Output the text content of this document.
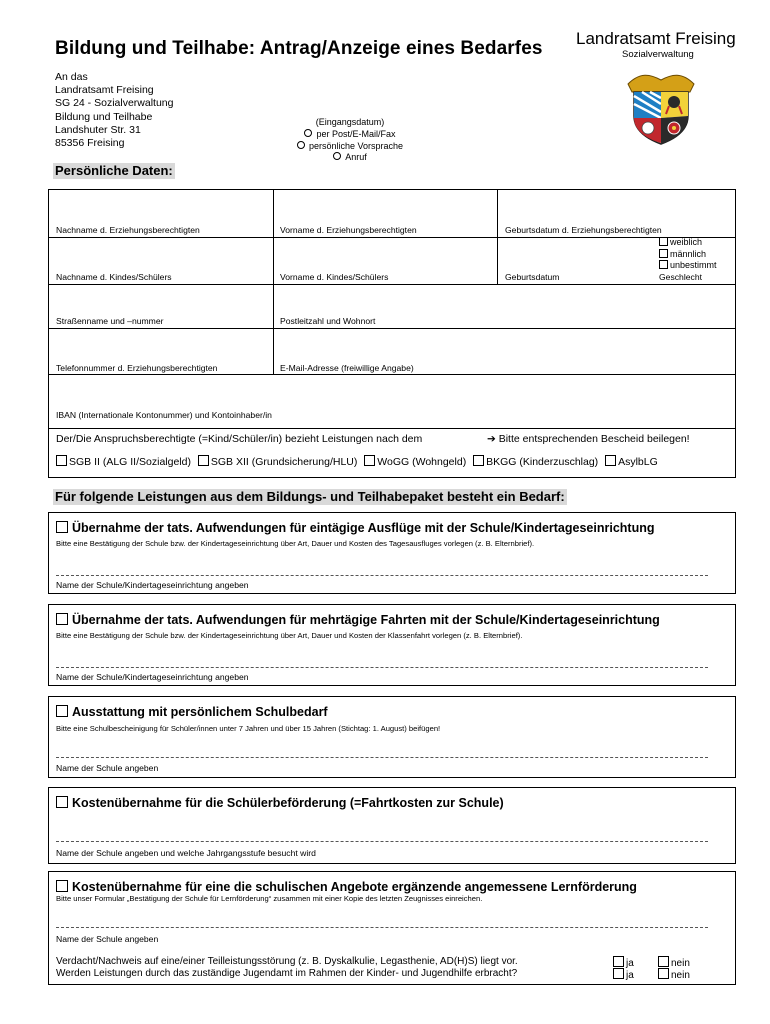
Bildung und Teilhabe: Antrag/Anzeige eines Bedarfes Landratsamt Freising
Sozialverwaltung
An das
Landratsamt Freising
SG 24 - Sozialverwaltung
Bildung und Teilhabe
Landshuter Str. 31
85356 Freising
(Eingangsdatum)
per Post/E-Mail/Fax
persönliche Vorsprache
Anruf
Persönliche Daten:
Nachname d. Erziehungsberechtigten	Vorname d. Erziehungsberechtigten	Geburtsdatum d. Erziehungsberechtigten
Nachname d. Kindes/Schülers	Vorname d. Kindes/Schülers	Geburtsdatum
weiblich
männlich
unbestimmt
Geschlecht
Straßenname und –nummer	Postleitzahl und Wohnort
Telefonnummer d. Erziehungsberechtigten	E-Mail-Adresse (freiwillige Angabe)
IBAN (Internationale Kontonummer) und Kontoinhaber/in
Der/Die Anspruchsberechtigte (=Kind/Schüler/in) bezieht Leistungen nach dem	➔ Bitte entsprechenden Bescheid beilegen!
SGB II (ALG II/Sozialgeld) SGB XII (Grundsicherung/HLU) WoGG (Wohngeld) BKGG (Kinderzuschlag) AsylbLG
Für folgende Leistungen aus dem Bildungs- und Teilhabepaket besteht ein Bedarf:
Übernahme der tats. Aufwendungen für eintägige Ausflüge mit der Schule/Kindertageseinrichtung
Bitte eine Bestätigung der Schule bzw. der Kindertageseinrichtung über Art, Dauer und Kosten des Tagesausfluges vorlegen (z. B. Elternbrief).
Name der Schule/Kindertageseinrichtung angeben
Übernahme der tats. Aufwendungen für mehrtägige Fahrten mit der Schule/Kindertageseinrichtung
Bitte eine Bestätigung der Schule bzw. der Kindertageseinrichtung über Art, Dauer und Kosten der Klassenfahrt vorlegen (z. B. Elternbrief).
Name der Schule/Kindertageseinrichtung angeben
Ausstattung mit persönlichem Schulbedarf
Bitte eine Schulbescheinigung für Schüler/innen unter 7 Jahren und über 15 Jahren (Stichtag: 1. August) beifügen!
Name der Schule angeben
Kostenübernahme für die Schülerbeförderung (=Fahrtkosten zur Schule)
Name der Schule angeben und welche Jahrgangsstufe besucht wird
Kostenübernahme für eine die schulischen Angebote ergänzende angemessene Lernförderung
Bitte unser Formular „Bestätigung der Schule für Lernförderung“ zusammen mit einer Kopie des letzten Zeugnisses einreichen.
Name der Schule angeben
Verdacht/Nachweis auf eine/einer Teilleistungsstörung (z. B. Dyskalkulie, Legasthenie, AD(H)S) liegt vor.
Werden Leistungen durch das zuständige Jugendamt im Rahmen der Kinder- und Jugendhilfe erbracht?
ja	nein
ja	nein
